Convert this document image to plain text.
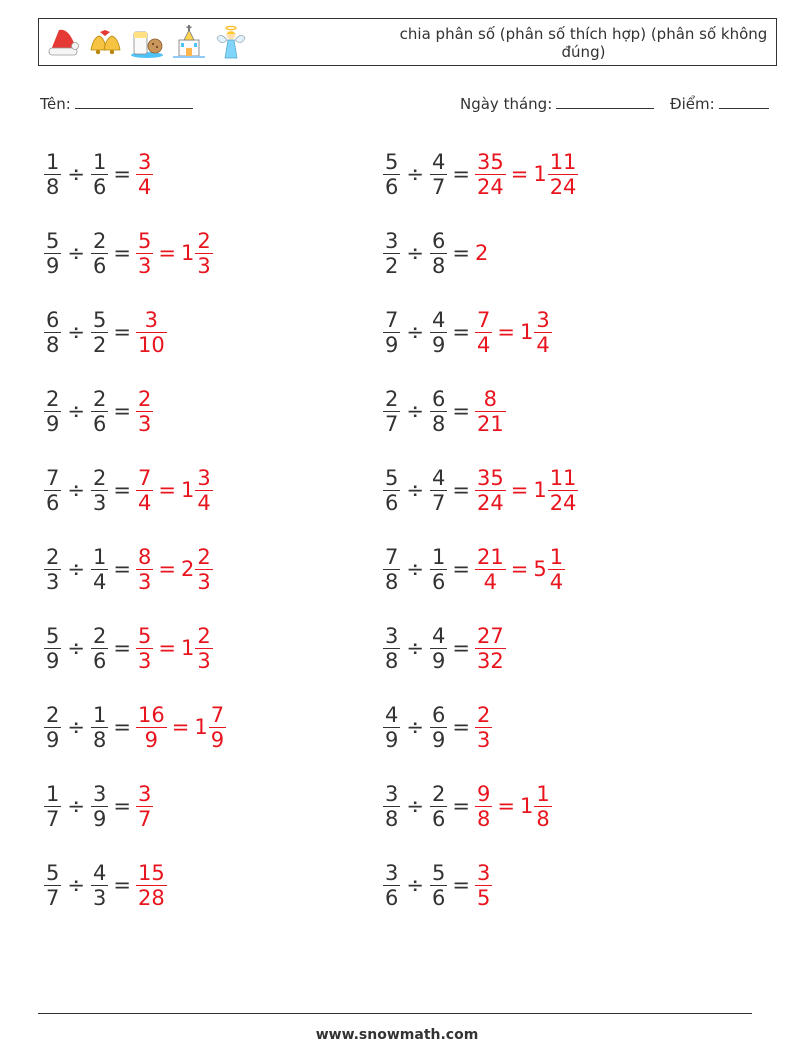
chia phân số (phân số thích hợp) (phân số không đúng)
Tên:	Ngày tháng:	Điểm:
$\frac{1}{8} \div \frac{1}{6} = \frac{3}{4}$	$\frac{5}{6} \div \frac{4}{7} = \frac{35}{24} = 1 \frac{11}{24}$
$\frac{5}{9} \div \frac{2}{6} = \frac{5}{3} = 1 \frac{2}{3}$	$\frac{3}{2} \div \frac{6}{8} = 2$
$\frac{6}{8} \div \frac{5}{2} = \frac{3}{10}$	$\frac{7}{9} \div \frac{4}{9} = \frac{7}{4} = 1 \frac{3}{4}$
$\frac{2}{9} \div \frac{2}{6} = \frac{2}{3}$	$\frac{2}{7} \div \frac{6}{8} = \frac{8}{21}$
$\frac{7}{6} \div \frac{2}{3} = \frac{7}{4} = 1 \frac{3}{4}$	$\frac{5}{6} \div \frac{4}{7} = \frac{35}{24} = 1 \frac{11}{24}$
$\frac{2}{3} \div \frac{1}{4} = \frac{8}{3} = 2 \frac{2}{3}$	$\frac{7}{8} \div \frac{1}{6} = \frac{21}{4} = 5 \frac{1}{4}$
$\frac{5}{9} \div \frac{2}{6} = \frac{5}{3} = 1 \frac{2}{3}$	$\frac{3}{8} \div \frac{4}{9} = \frac{27}{32}$
$\frac{2}{9} \div \frac{1}{8} = \frac{16}{9} = 1 \frac{7}{9}$	$\frac{4}{9} \div \frac{6}{9} = \frac{2}{3}$
$\frac{1}{7} \div \frac{3}{9} = \frac{3}{7}$	$\frac{3}{8} \div \frac{2}{6} = \frac{9}{8} = 1 \frac{1}{8}$
$\frac{5}{7} \div \frac{4}{3} = \frac{15}{28}$	$\frac{3}{6} \div \frac{5}{6} = \frac{3}{5}$
www.snowmath.com
